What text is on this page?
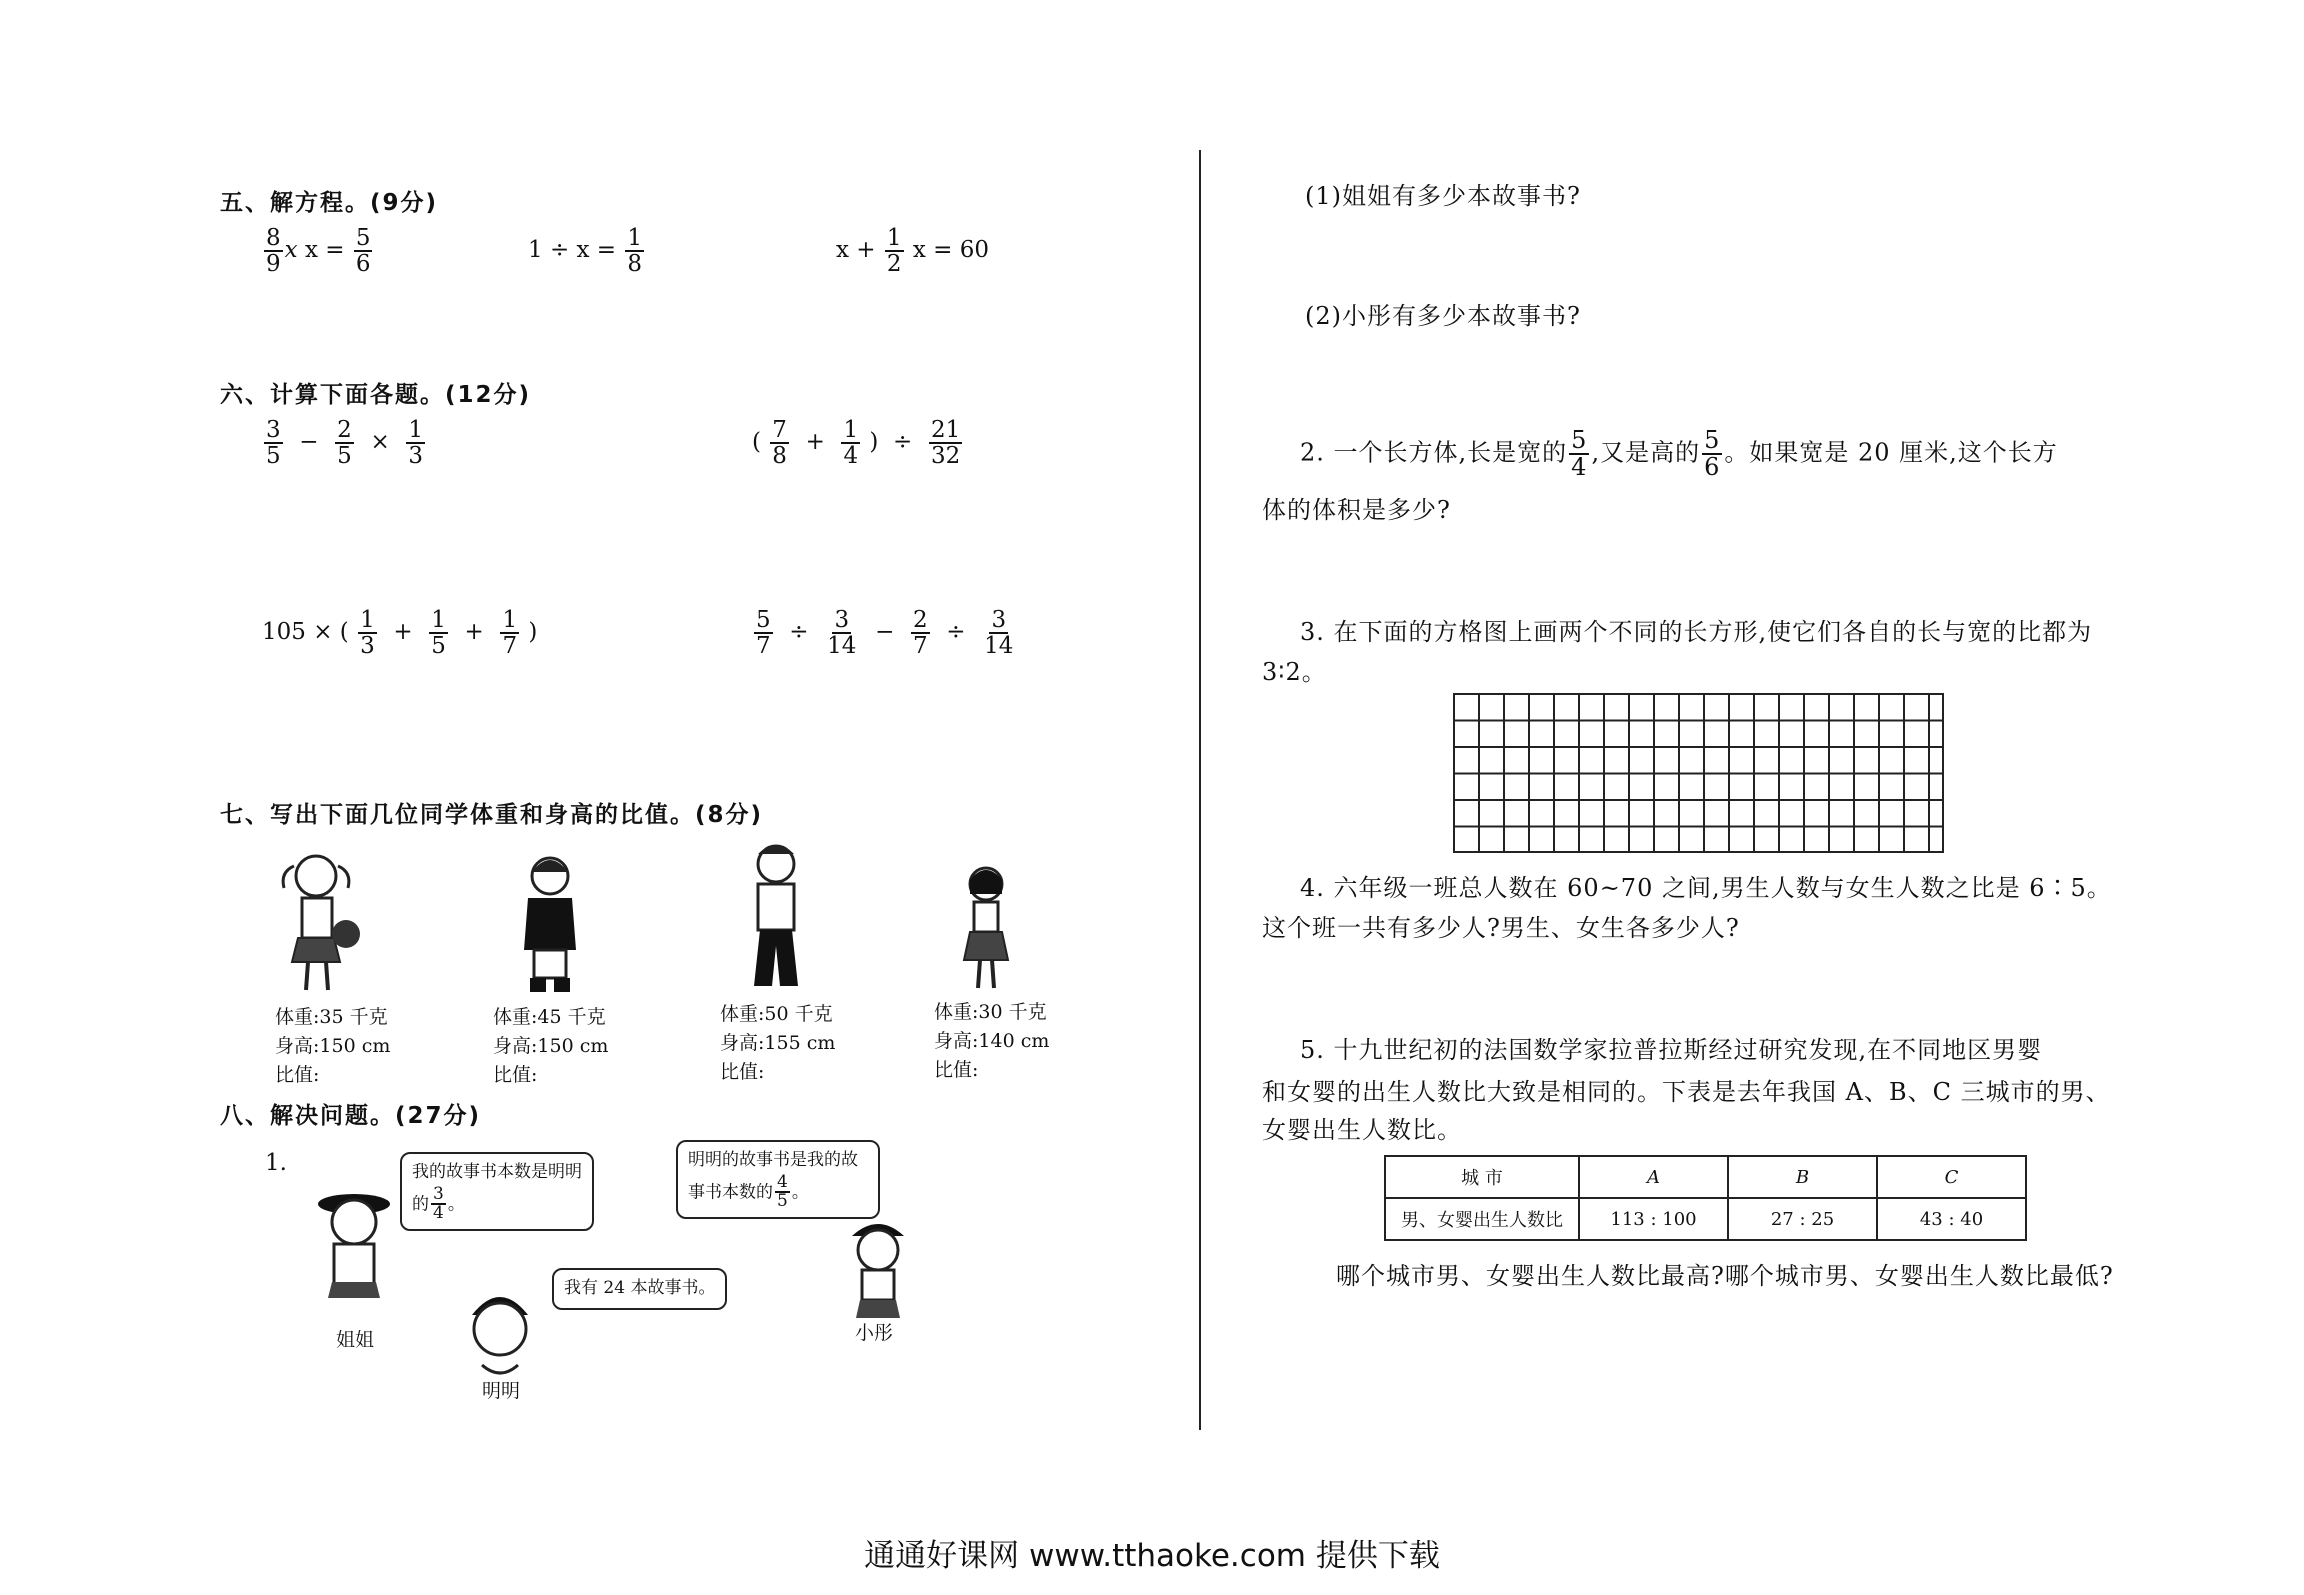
五、解方程。(9分)
$\frac{8}{9}$ x $x = \frac{5}{6}$	$1 \div x = \frac{1}{8}$	$x + \frac{1}{2}$ x = 60
六、计算下面各题。(12分)
$\frac{3}{5} - \frac{2}{5} \times \frac{1}{3}$	( $\frac{7}{8} + \frac{1}{4}$ ) ÷ $\frac{21}{32}$
105 × ( $\frac{1}{3} + \frac{1}{5} + \frac{1}{7}$ )	$\frac{5}{7} \div \frac{3}{14} - \frac{2}{7} \div \frac{3}{14}$
七、写出下面几位同学体重和身高的比值。(8分)
体重:35 千克
身高:150 cm
比值:
体重:45 千克
身高:150 cm
比值:
体重:50 千克
身高:155 cm
比值:
体重:30 千克
身高:140 cm
比值:
八、解决问题。(27分)
1.	我的故事书本数是明明的 $\frac{3}{4}$ 。
明明的故事书是我的故事书本数的 $\frac{4}{5}$ 。
我有 24 本故事书。
姐姐
明明
小彤
(1)姐姐有多少本故事书?
(2)小彤有多少本故事书?
2. 一个长方体,长是宽的 $\frac{5}{4}$ ,又是高的 $\frac{5}{6}$ 。如果宽是 20 厘米,这个长方
体的体积是多少?
3. 在下面的方格图上画两个不同的长方形,使它们各自的长与宽的比都为
3∶2。
4. 六年级一班总人数在 60~70 之间,男生人数与女生人数之比是 6∶5。
这个班一共有多少人?男生、女生各多少人?
5. 十九世纪初的法国数学家拉普拉斯经过研究发现,在不同地区男婴
和女婴的出生人数比大致是相同的。下表是去年我国 A、B、C 三城市的男、
女婴出生人数比。
城 市	A	B	C
男、女婴出生人数比	113 : 100	27 : 25	43 : 40
哪个城市男、女婴出生人数比最高?哪个城市男、女婴出生人数比最低?
通通好课网 www.tthaoke.com 提供下载
